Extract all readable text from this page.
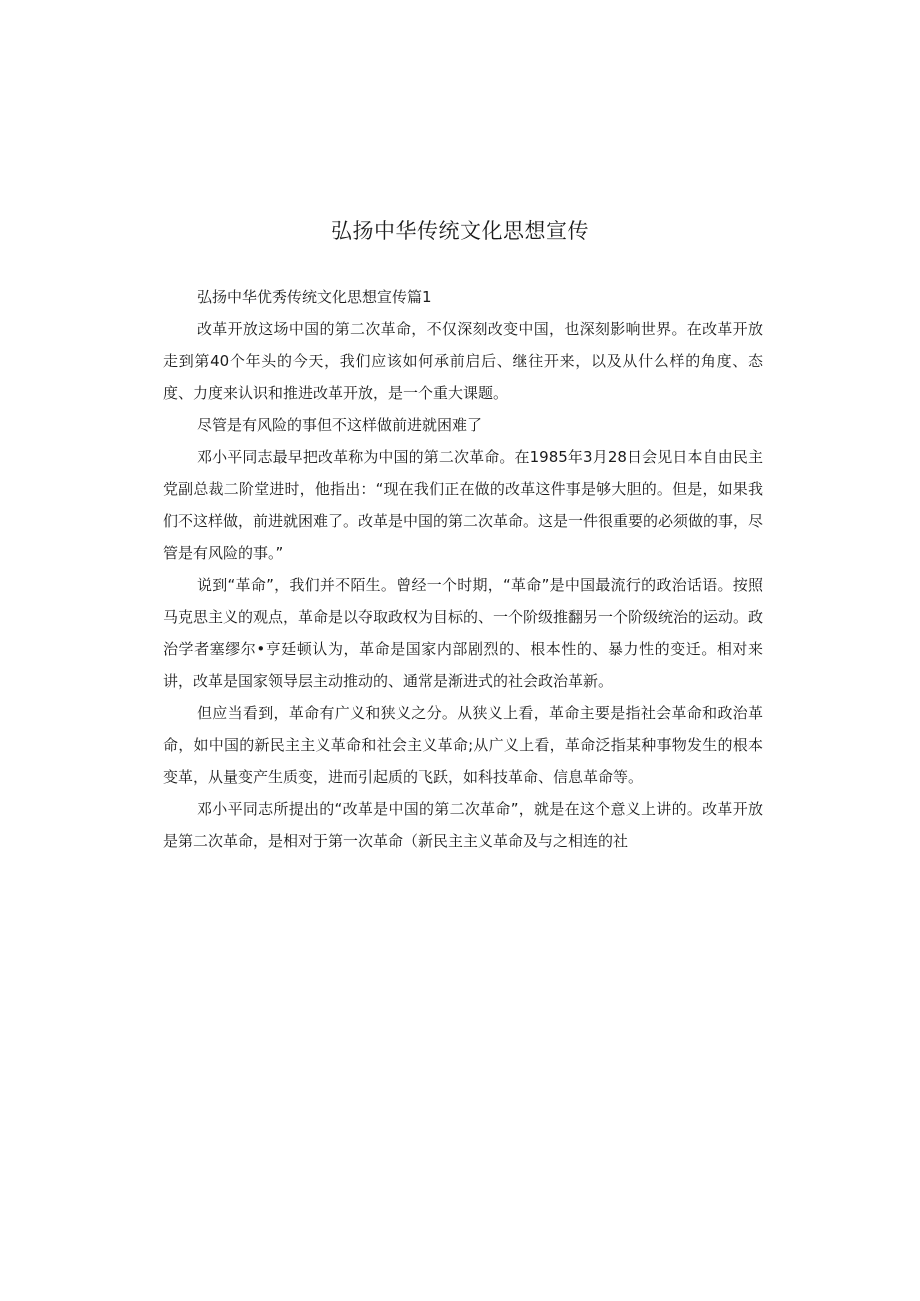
弘扬中华传统文化思想宣传

弘扬中华优秀传统文化思想宣传篇1

改革开放这场中国的第二次革命，不仅深刻改变中国，也深刻影响世界。在改革开放走到第40个年头的今天，我们应该如何承前启后、继往开来，以及从什么样的角度、态度、力度来认识和推进改革开放，是一个重大课题。

尽管是有风险的事但不这样做前进就困难了

邓小平同志最早把改革称为中国的第二次革命。在1985年3月28日会见日本自由民主党副总裁二阶堂进时，他指出：“现在我们正在做的改革这件事是够大胆的。但是，如果我们不这样做，前进就困难了。改革是中国的第二次革命。这是一件很重要的必须做的事，尽管是有风险的事。”

说到“革命”，我们并不陌生。曾经一个时期，“革命”是中国最流行的政治话语。按照马克思主义的观点，革命是以夺取政权为目标的、一个阶级推翻另一个阶级统治的运动。政治学者塞缪尔•亨廷顿认为，革命是国家内部剧烈的、根本性的、暴力性的变迁。相对来讲，改革是国家领导层主动推动的、通常是渐进式的社会政治革新。

但应当看到，革命有广义和狭义之分。从狭义上看，革命主要是指社会革命和政治革命，如中国的新民主主义革命和社会主义革命;从广义上看，革命泛指某种事物发生的根本变革，从量变产生质变，进而引起质的飞跃，如科技革命、信息革命等。

邓小平同志所提出的“改革是中国的第二次革命”，就是在这个意义上讲的。改革开放是第二次革命，是相对于第一次革命（新民主主义革命及与之相连的社
